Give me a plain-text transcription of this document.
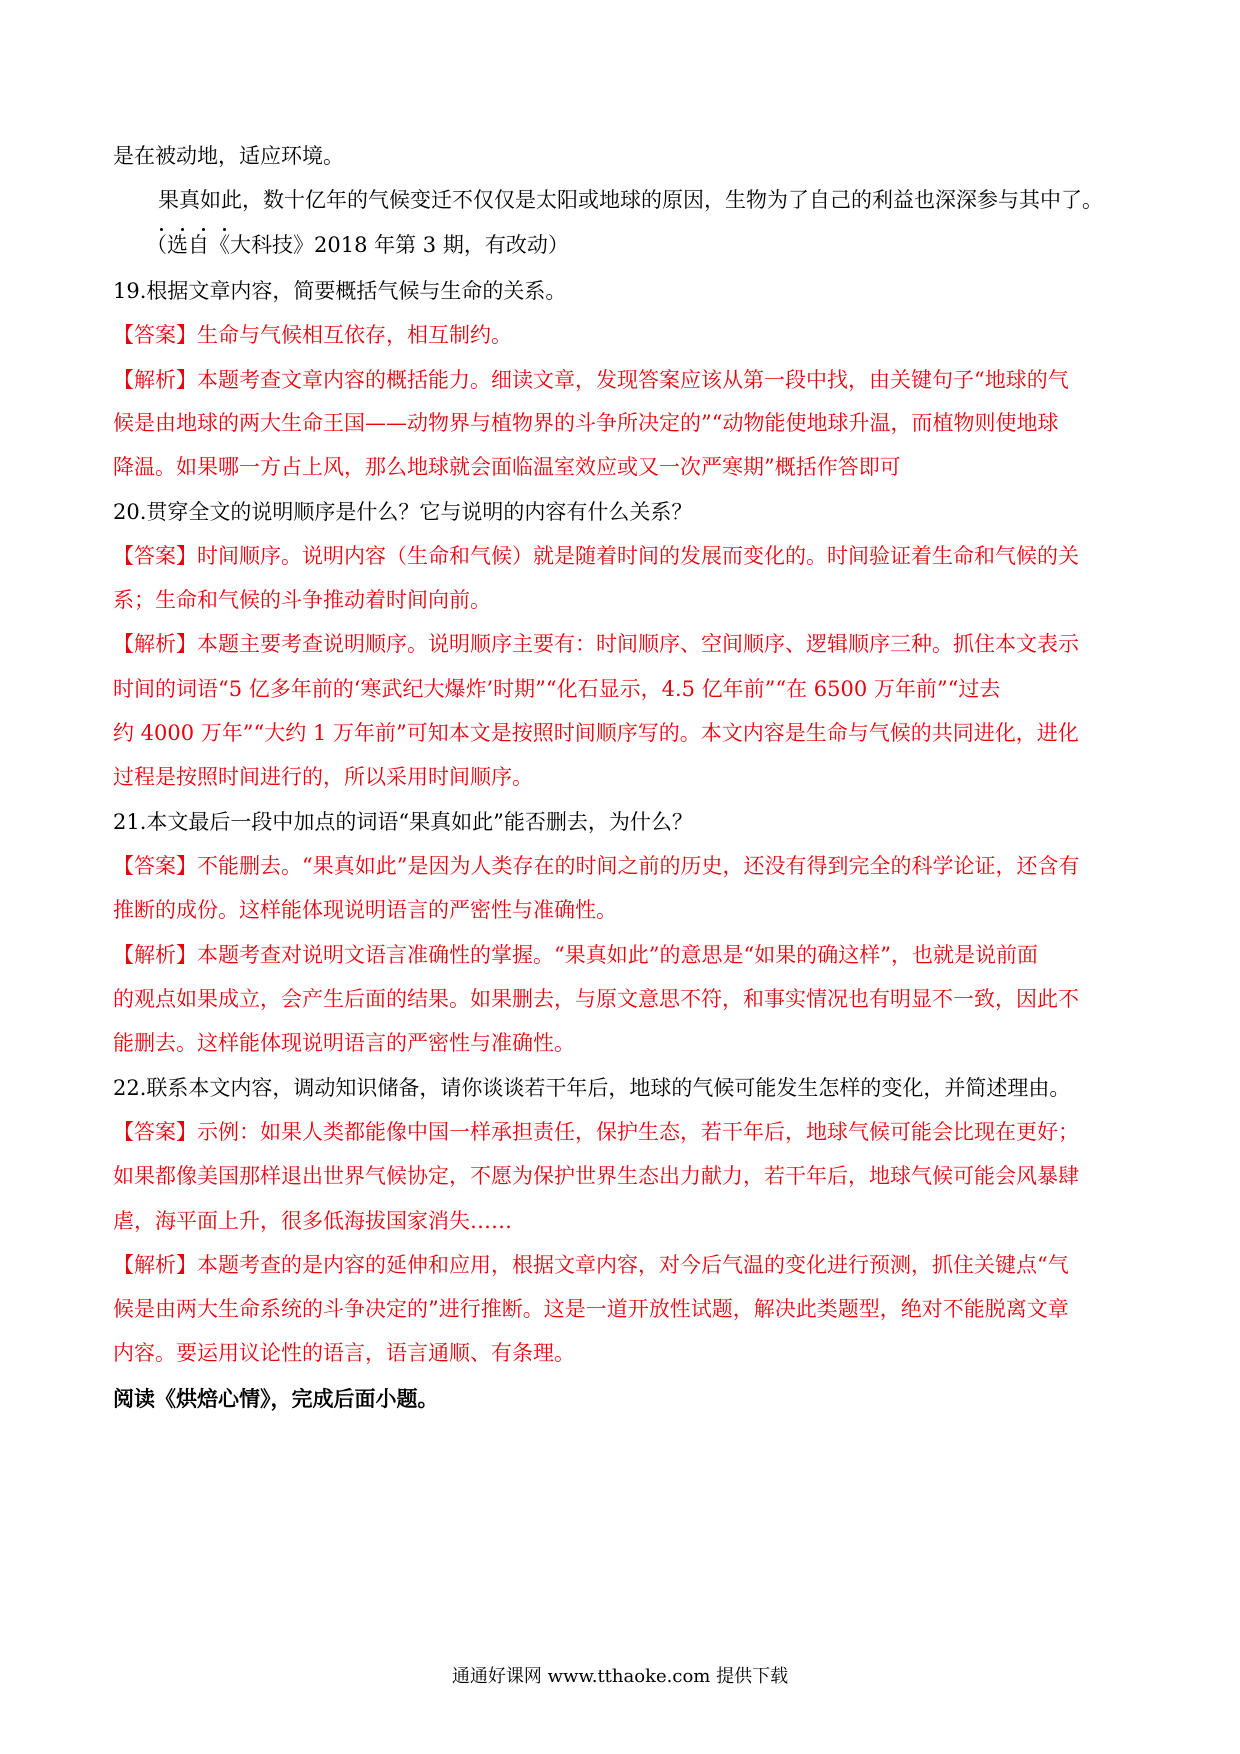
是在被动地，适应环境。
果真如此，数十亿年的气候变迁不仅仅是太阳或地球的原因，生物为了自己的利益也深深参与其中了。
（选自《大科技》2018 年第 3 期，有改动）
19.根据文章内容，简要概括气候与生命的关系。
【答案】生命与气候相互依存，相互制约。
【解析】本题考查文章内容的概括能力。细读文章，发现答案应该从第一段中找，由关键句子“地球的气
候是由地球的两大生命王国——动物界与植物界的斗争所决定的”“动物能使地球升温，而植物则使地球
降温。如果哪一方占上风，那么地球就会面临温室效应或又一次严寒期”概括作答即可
20.贯穿全文的说明顺序是什么？它与说明的内容有什么关系？
【答案】时间顺序。说明内容（生命和气候）就是随着时间的发展而变化的。时间验证着生命和气候的关
系；生命和气候的斗争推动着时间向前。
【解析】本题主要考查说明顺序。说明顺序主要有：时间顺序、空间顺序、逻辑顺序三种。抓住本文表示
时间的词语“5 亿多年前的‘寒武纪大爆炸’时期”“化石显示，4.5 亿年前”“在 6500 万年前”“过去
约 4000 万年”“大约 1 万年前”可知本文是按照时间顺序写的。本文内容是生命与气候的共同进化，进化
过程是按照时间进行的，所以采用时间顺序。
21.本文最后一段中加点的词语“果真如此”能否删去，为什么？
【答案】不能删去。“果真如此”是因为人类存在的时间之前的历史，还没有得到完全的科学论证，还含有
推断的成份。这样能体现说明语言的严密性与准确性。
【解析】本题考查对说明文语言准确性的掌握。“果真如此”的意思是“如果的确这样”，也就是说前面
的观点如果成立，会产生后面的结果。如果删去，与原文意思不符，和事实情况也有明显不一致，因此不
能删去。这样能体现说明语言的严密性与准确性。
22.联系本文内容，调动知识储备，请你谈谈若干年后，地球的气候可能发生怎样的变化，并简述理由。
【答案】示例：如果人类都能像中国一样承担责任，保护生态，若干年后，地球气候可能会比现在更好；
如果都像美国那样退出世界气候协定，不愿为保护世界生态出力献力，若干年后，地球气候可能会风暴肆
虐，海平面上升，很多低海拔国家消失……
【解析】本题考查的是内容的延伸和应用，根据文章内容，对今后气温的变化进行预测，抓住关键点“气
候是由两大生命系统的斗争决定的”进行推断。这是一道开放性试题，解决此类题型，绝对不能脱离文章
内容。要运用议论性的语言，语言通顺、有条理。
阅读《烘焙心情》，完成后面小题。
通通好课网 www.tthaoke.com 提供下载
